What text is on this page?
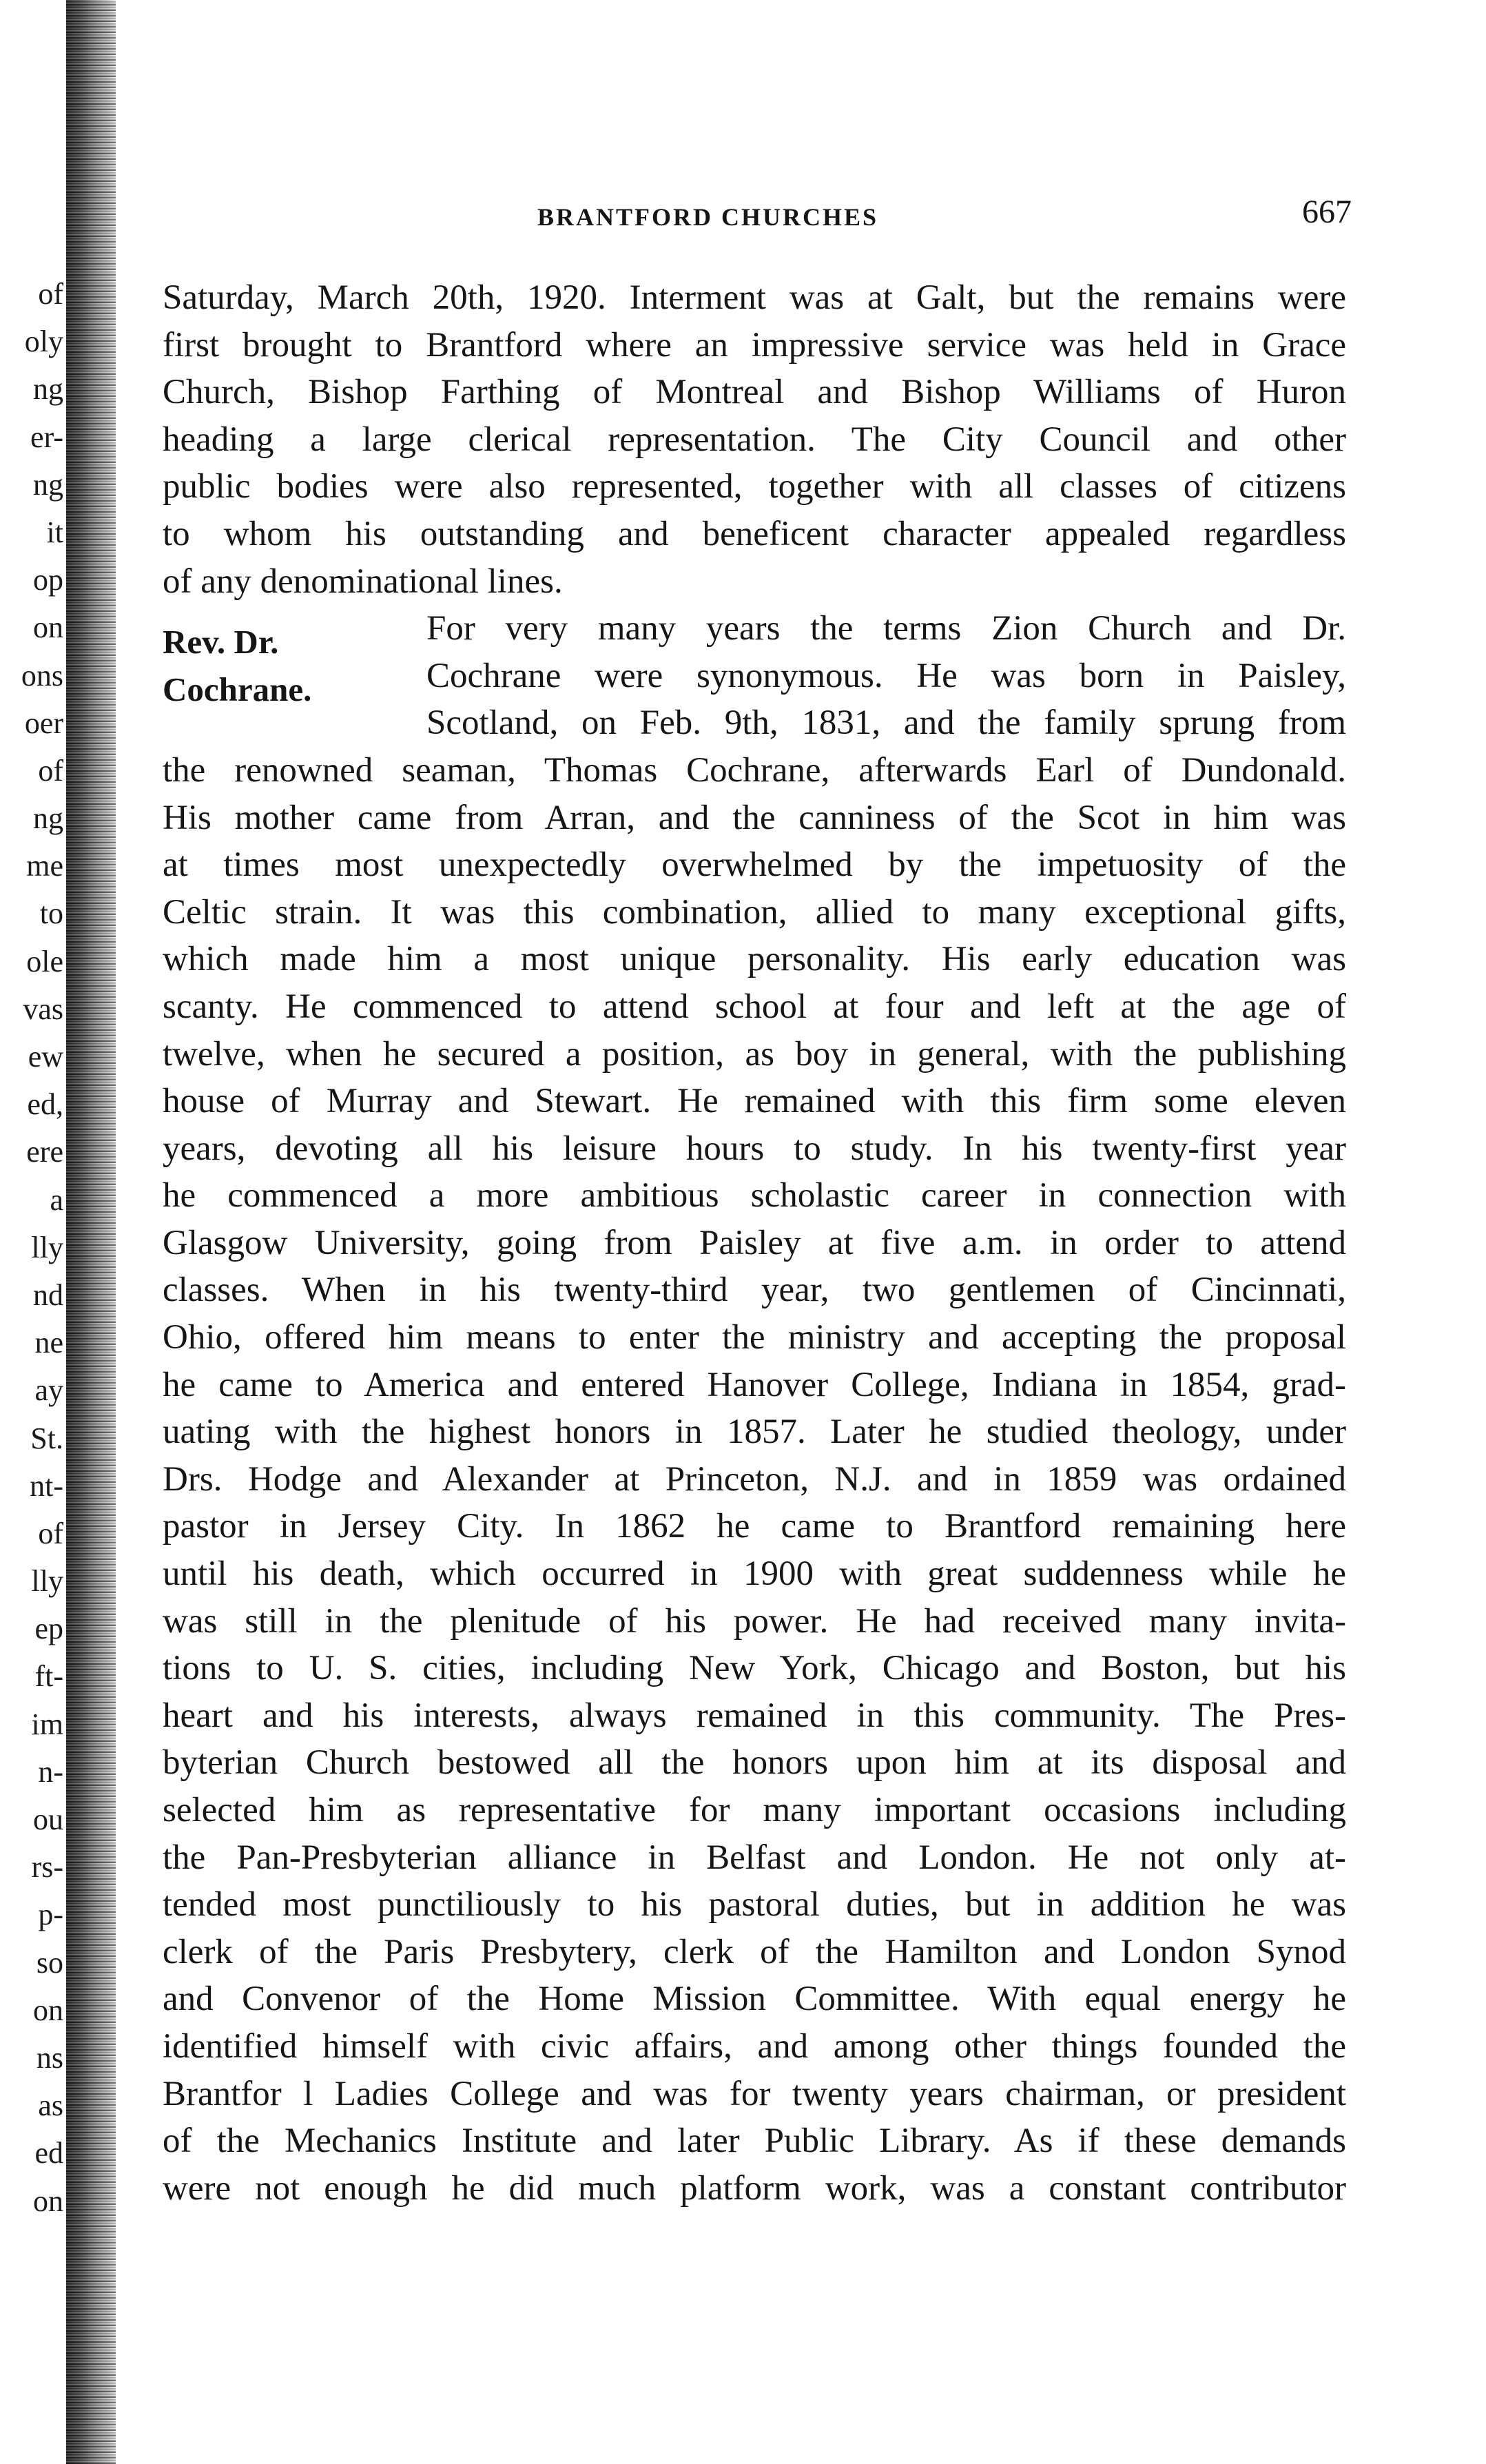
of
oly
ng
er-
ng
it
op
on
ons
oer
of
ng
me
to
ole
vas
ew
ed,
ere
a
lly
nd
ne
ay
St.
nt-
of
lly
ep
ft-
im
n-
ou
rs-
p-
so
on
ns
as
ed
on
BRANTFORD CHURCHES	667
Saturday, March 20th, 1920. Interment was at Galt, but the remains were
first brought to Brantford where an impressive service was held in Grace
Church, Bishop Farthing of Montreal and Bishop Williams of Huron
heading a large clerical representation. The City Council and other
public bodies were also represented, together with all classes of citizens
to whom his outstanding and beneficent character appealed regardless
of any denominational lines.
Rev. Dr.
Cochrane.
For very many years the terms Zion Church and Dr.
Cochrane were synonymous. He was born in Paisley,
Scotland, on Feb. 9th, 1831, and the family sprung from
the renowned seaman, Thomas Cochrane, afterwards Earl of Dundonald.
His mother came from Arran, and the canniness of the Scot in him was
at times most unexpectedly overwhelmed by the impetuosity of the
Celtic strain. It was this combination, allied to many exceptional gifts,
which made him a most unique personality. His early education was
scanty. He commenced to attend school at four and left at the age of
twelve, when he secured a position, as boy in general, with the publishing
house of Murray and Stewart. He remained with this firm some eleven
years, devoting all his leisure hours to study. In his twenty-first year
he commenced a more ambitious scholastic career in connection with
Glasgow University, going from Paisley at five a.m. in order to attend
classes. When in his twenty-third year, two gentlemen of Cincinnati,
Ohio, offered him means to enter the ministry and accepting the proposal
he came to America and entered Hanover College, Indiana in 1854, grad-
uating with the highest honors in 1857. Later he studied theology, under
Drs. Hodge and Alexander at Princeton, N.J. and in 1859 was ordained
pastor in Jersey City. In 1862 he came to Brantford remaining here
until his death, which occurred in 1900 with great suddenness while he
was still in the plenitude of his power. He had received many invita-
tions to U. S. cities, including New York, Chicago and Boston, but his
heart and his interests, always remained in this community. The Pres-
byterian Church bestowed all the honors upon him at its disposal and
selected him as representative for many important occasions including
the Pan-Presbyterian alliance in Belfast and London. He not only at-
tended most punctiliously to his pastoral duties, but in addition he was
clerk of the Paris Presbytery, clerk of the Hamilton and London Synod
and Convenor of the Home Mission Committee. With equal energy he
identified himself with civic affairs, and among other things founded the
Brantfor l Ladies College and was for twenty years chairman, or president
of the Mechanics Institute and later Public Library. As if these demands
were not enough he did much platform work, was a constant contributor
